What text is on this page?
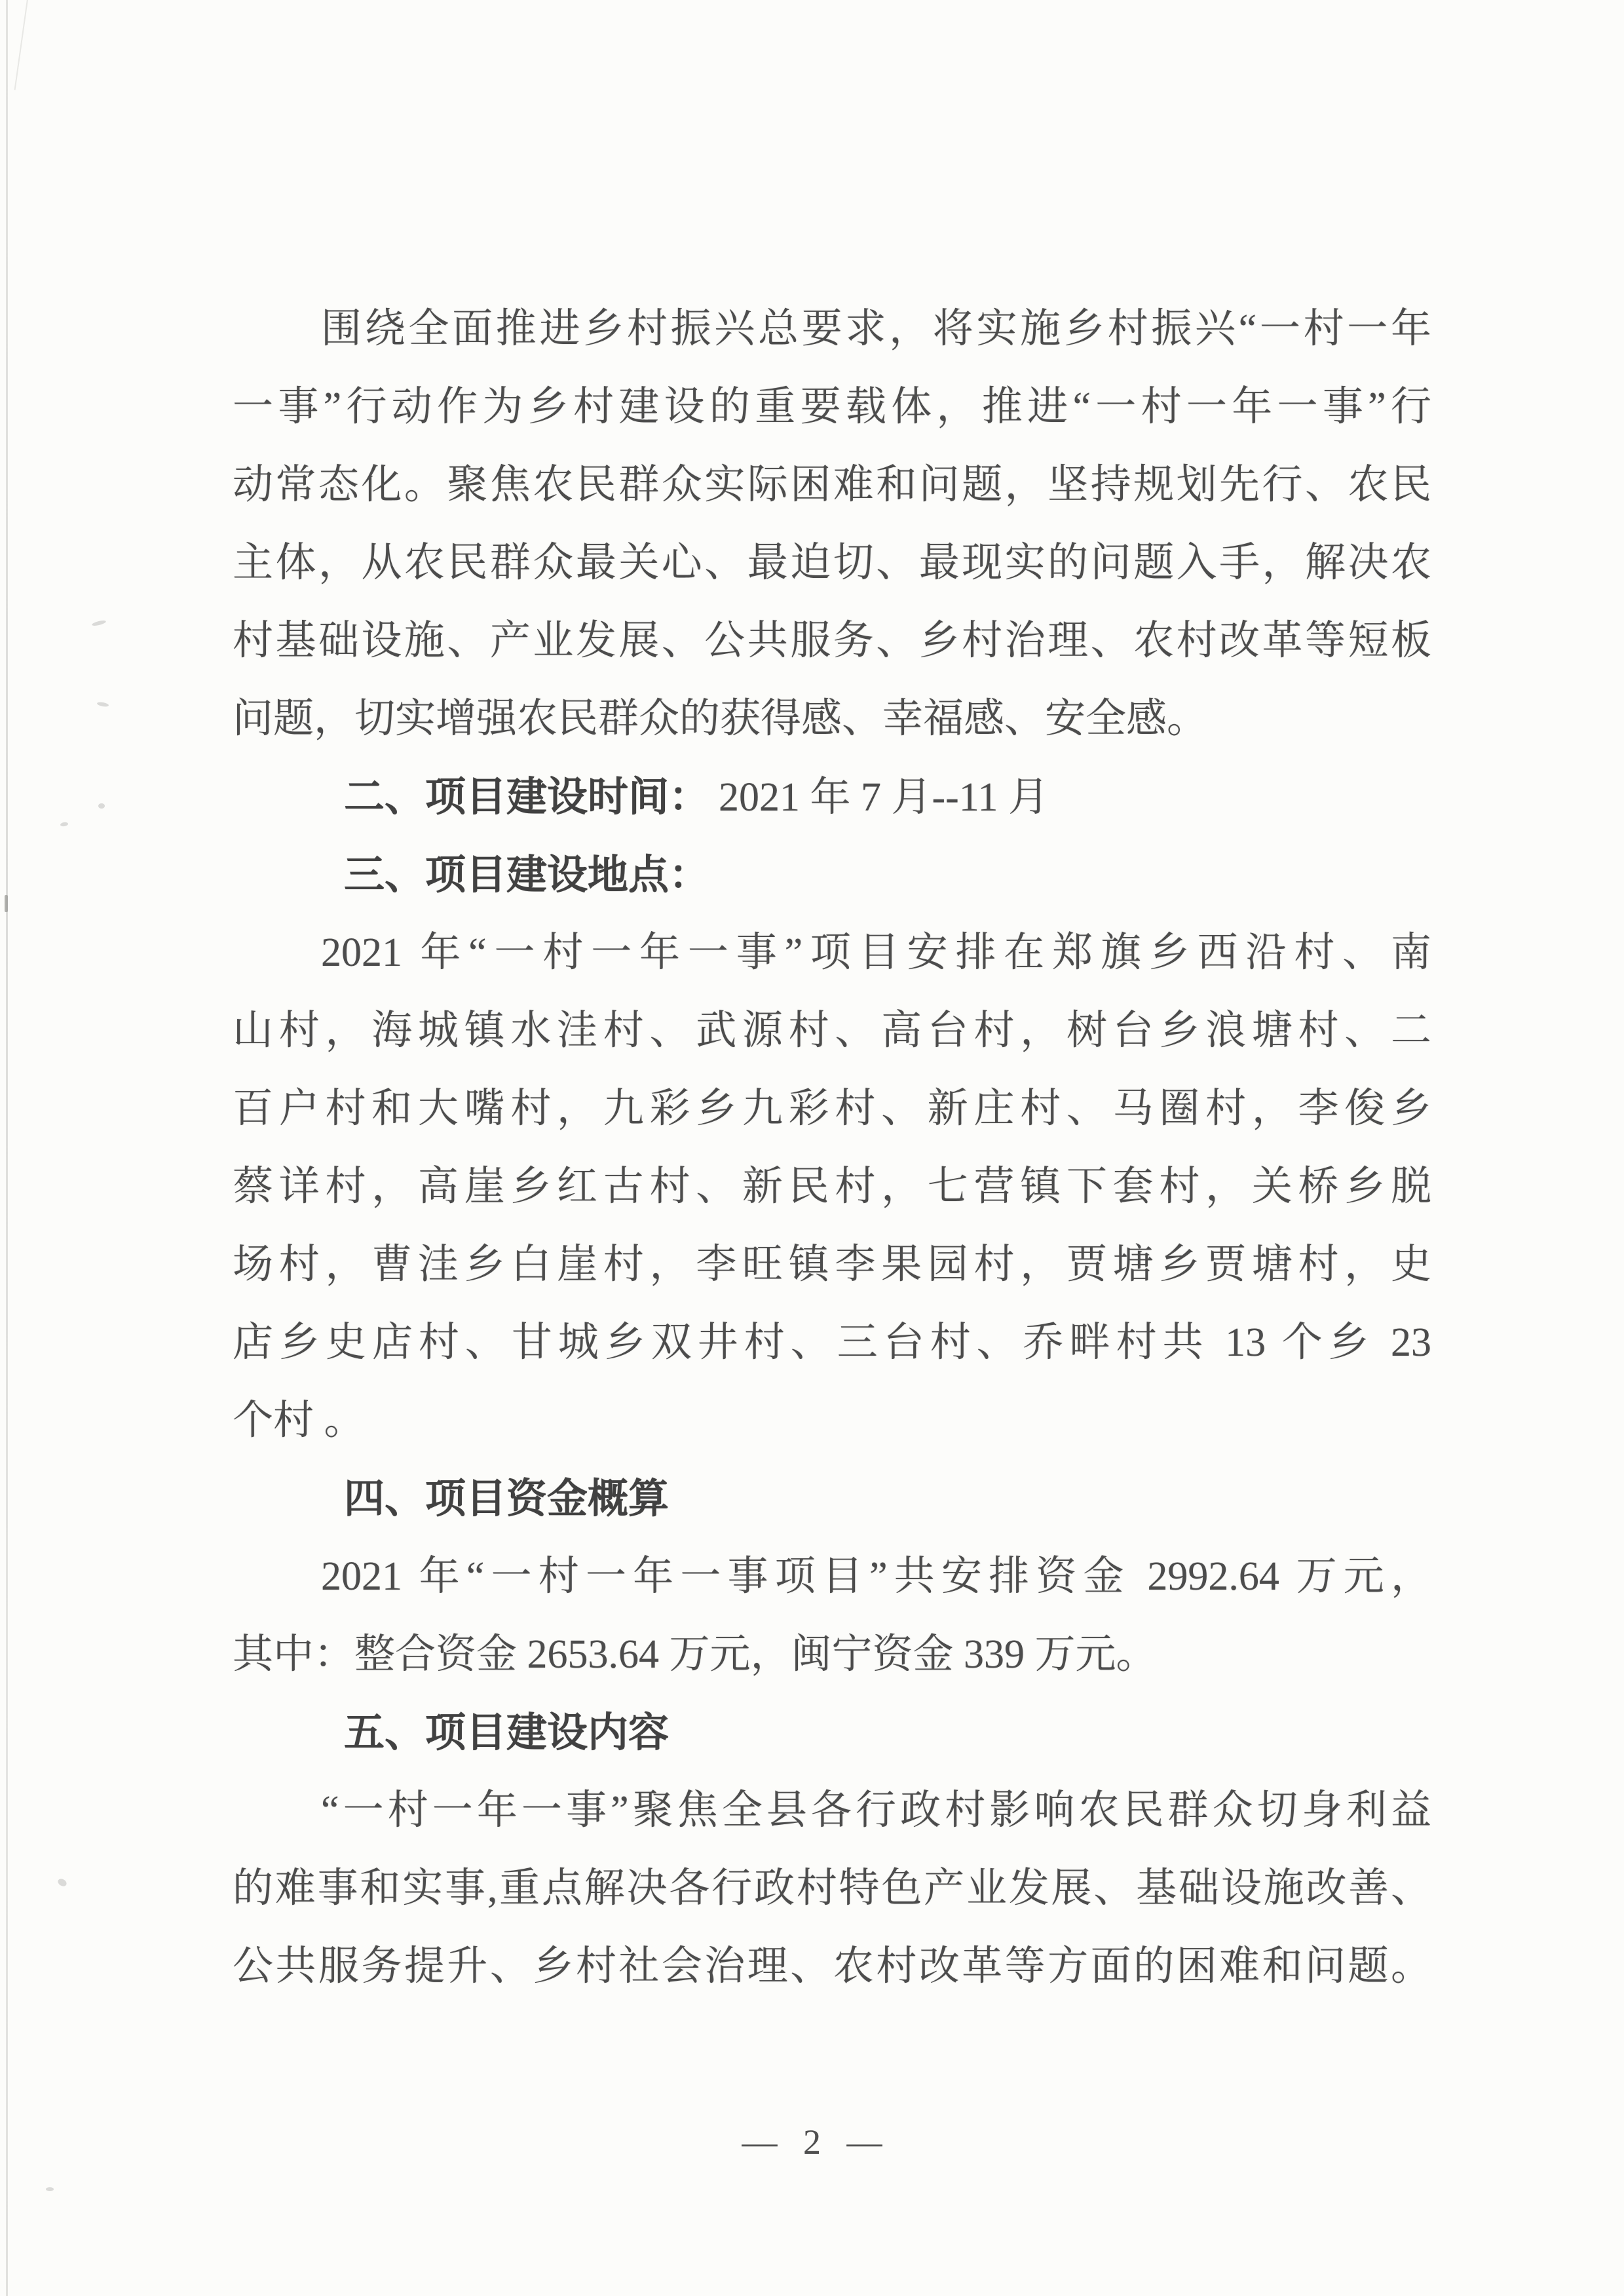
围绕全面推进乡村振兴总要求，将实施乡村振兴“一村一年
一事”行动作为乡村建设的重要载体，推进“一村一年一事”行
动常态化。聚焦农民群众实际困难和问题，坚持规划先行、农民
主体，从农民群众最关心、最迫切、最现实的问题入手，解决农
村基础设施、产业发展、公共服务、乡村治理、农村改革等短板
问题，切实增强农民群众的获得感、幸福感、安全感。
二、项目建设时间： 2021 年 7 月--11 月
三、项目建设地点：
2021 年“一村一年一事”项目安排在郑旗乡西沿村、南
山村，海城镇水洼村、武源村、高台村，树台乡浪塘村、二
百户村和大嘴村，九彩乡九彩村、新庄村、马圈村，李俊乡
蔡详村，高崖乡红古村、新民村，七营镇下套村，关桥乡脱
场村，曹洼乡白崖村，李旺镇李果园村，贾塘乡贾塘村，史
店乡史店村、甘城乡双井村、三台村、乔畔村共 13 个乡 23
个村 。
四、项目资金概算
2021 年“一村一年一事项目”共安排资金 2992.64 万元，
其中：整合资金 2653.64 万元，闽宁资金 339 万元。
五、项目建设内容
“一村一年一事”聚焦全县各行政村影响农民群众切身利益
的难事和实事,重点解决各行政村特色产业发展、基础设施改善、
公共服务提升、乡村社会治理、农村改革等方面的困难和问题。
— 2 —
